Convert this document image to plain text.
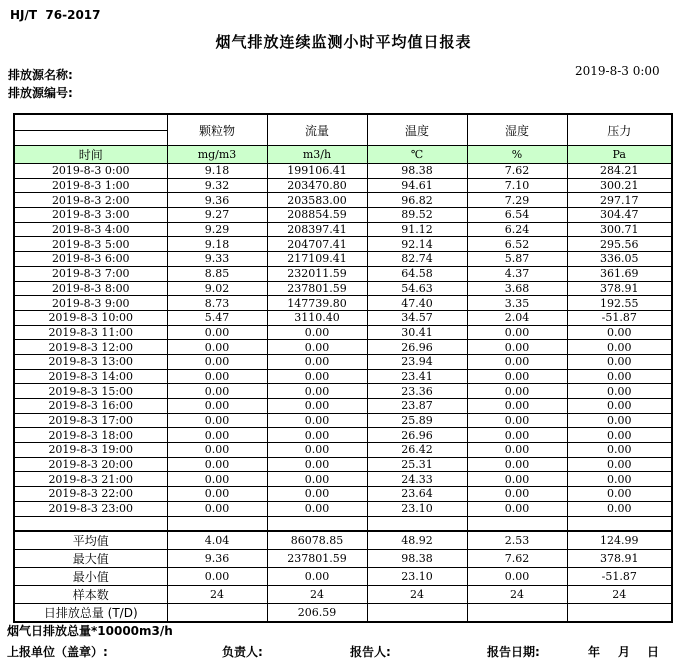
HJ/T  76-2017
烟气排放连续监测小时平均值日报表
排放源名称:
排放源编号:
2019-8-3 0:00
	颗粒物	流量	温度	湿度	压力

时间	mg/m3	m3/h	℃	%	Pa
2019-8-3 0:00	9.18	199106.41	98.38	7.62	284.21
2019-8-3 1:00	9.32	203470.80	94.61	7.10	300.21
2019-8-3 2:00	9.36	203583.00	96.82	7.29	297.17
2019-8-3 3:00	9.27	208854.59	89.52	6.54	304.47
2019-8-3 4:00	9.29	208397.41	91.12	6.24	300.71
2019-8-3 5:00	9.18	204707.41	92.14	6.52	295.56
2019-8-3 6:00	9.33	217109.41	82.74	5.87	336.05
2019-8-3 7:00	8.85	232011.59	64.58	4.37	361.69
2019-8-3 8:00	9.02	237801.59	54.63	3.68	378.91
2019-8-3 9:00	8.73	147739.80	47.40	3.35	192.55
2019-8-3 10:00	5.47	3110.40	34.57	2.04	-51.87
2019-8-3 11:00	0.00	0.00	30.41	0.00	0.00
2019-8-3 12:00	0.00	0.00	26.96	0.00	0.00
2019-8-3 13:00	0.00	0.00	23.94	0.00	0.00
2019-8-3 14:00	0.00	0.00	23.41	0.00	0.00
2019-8-3 15:00	0.00	0.00	23.36	0.00	0.00
2019-8-3 16:00	0.00	0.00	23.87	0.00	0.00
2019-8-3 17:00	0.00	0.00	25.89	0.00	0.00
2019-8-3 18:00	0.00	0.00	26.96	0.00	0.00
2019-8-3 19:00	0.00	0.00	26.42	0.00	0.00
2019-8-3 20:00	0.00	0.00	25.31	0.00	0.00
2019-8-3 21:00	0.00	0.00	24.33	0.00	0.00
2019-8-3 22:00	0.00	0.00	23.64	0.00	0.00
2019-8-3 23:00	0.00	0.00	23.10	0.00	0.00

平均值	4.04	86078.85	48.92	2.53	124.99
最大值	9.36	237801.59	98.38	7.62	378.91
最小值	0.00	0.00	23.10	0.00	-51.87
样本数	24	24	24	24	24
日排放总量 (T/D)		206.59			
烟气日排放总量*10000m3/h
上报单位（盖章）:	负责人:	报告人:	报告日期:	年 月 日
